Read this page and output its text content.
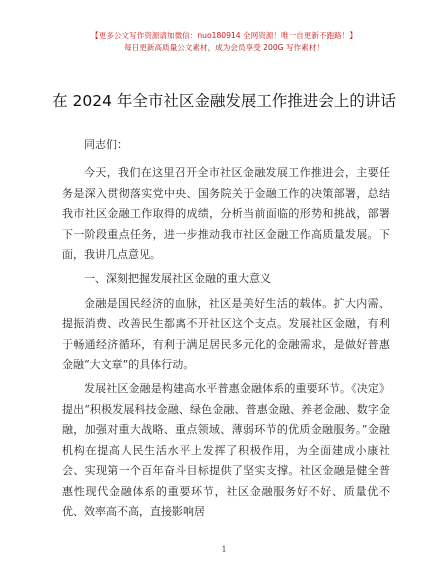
【更多公文写作资源请加微信：nuo180914 全网资源！唯一自更新不跑路！】
每日更新高质量公文素材，成为会员享受 200G 写作素材！
在 2024 年全市社区金融发展工作推进会上的讲话

同志们：

今天，我们在这里召开全市社区金融发展工作推进会，主要任务是深入贯彻落实党中央、国务院关于金融工作的决策部署，总结我市社区金融工作取得的成绩，分析当前面临的形势和挑战，部署下一阶段重点任务，进一步推动我市社区金融工作高质量发展。下面，我讲几点意见。

一、深刻把握发展社区金融的重大意义

金融是国民经济的血脉，社区是美好生活的载体。扩大内需、提振消费、改善民生都离不开社区这个支点。发展社区金融，有利于畅通经济循环，有利于满足居民多元化的金融需求，是做好普惠金融“大文章”的具体行动。

发展社区金融是构建高水平普惠金融体系的重要环节。《决定》提出“积极发展科技金融、绿色金融、普惠金融、养老金融、数字金融，加强对重大战略、重点领域、薄弱环节的优质金融服务。”金融机构在提高人民生活水平上发挥了积极作用，为全面建成小康社会、实现第一个百年奋斗目标提供了坚实支撑。社区金融是健全普惠性现代金融体系的重要环节，社区金融服务好不好、质量优不优、效率高不高，直接影响居

1
